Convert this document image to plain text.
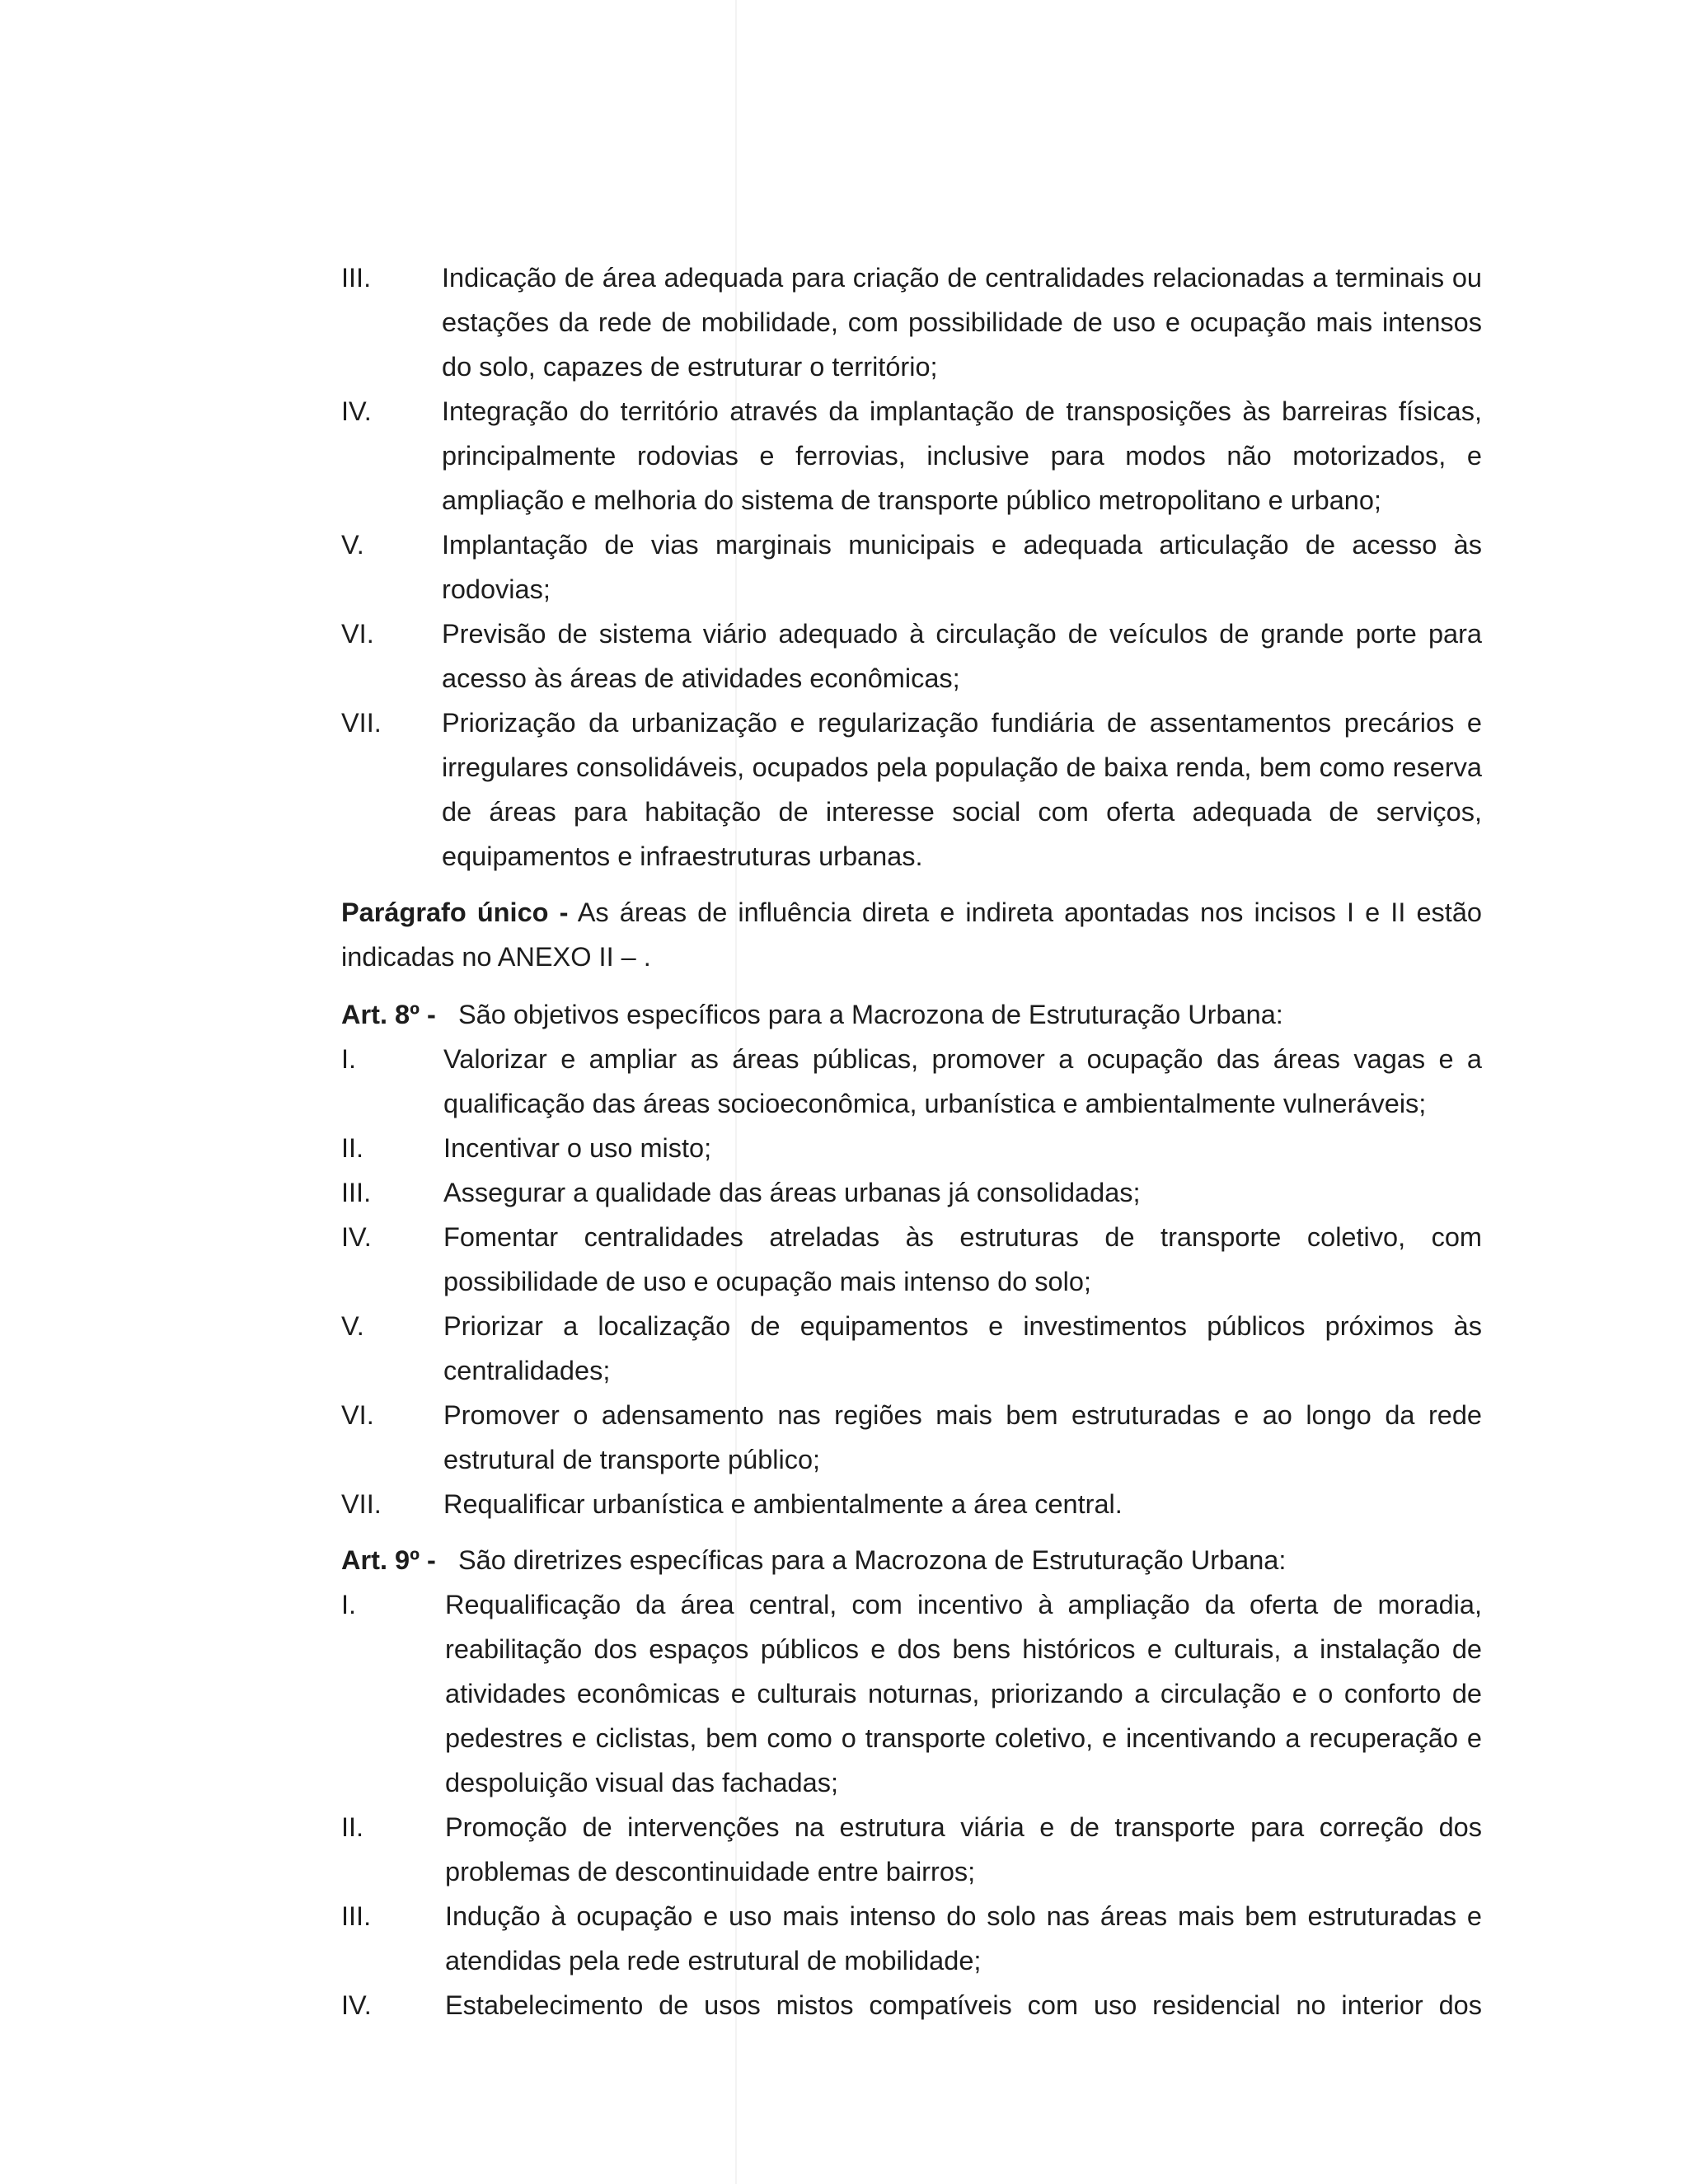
III.	Indicação de área adequada para criação de centralidades relacionadas a terminais ou estações da rede de mobilidade, com possibilidade de uso e ocupação mais intensos do solo, capazes de estruturar o território;

IV.	Integração do território através da implantação de transposições às barreiras físicas, principalmente rodovias e ferrovias, inclusive para modos não motorizados, e ampliação e melhoria do sistema de transporte público metropolitano e urbano;

V.	Implantação de vias marginais municipais e adequada articulação de acesso às rodovias;

VI.	Previsão de sistema viário adequado à circulação de veículos de grande porte para acesso às áreas de atividades econômicas;

VII. Priorização da urbanização e regularização fundiária de assentamentos precários e irregulares consolidáveis, ocupados pela população de baixa renda, bem como reserva de áreas para habitação de interesse social com oferta adequada de serviços, equipamentos e infraestruturas urbanas.

Parágrafo único - As áreas de influência direta e indireta apontadas nos incisos I e II estão indicadas no ANEXO II – .

Art. 8º - São objetivos específicos para a Macrozona de Estruturação Urbana:

I.	Valorizar e ampliar as áreas públicas, promover a ocupação das áreas vagas e a qualificação das áreas socioeconômica, urbanística e ambientalmente vulneráveis;

II.	Incentivar o uso misto;

III.	Assegurar a qualidade das áreas urbanas já consolidadas;

IV.	Fomentar centralidades atreladas às estruturas de transporte coletivo, com possibilidade de uso e ocupação mais intenso do solo;

V.	Priorizar a localização de equipamentos e investimentos públicos próximos às centralidades;

VI.	Promover o adensamento nas regiões mais bem estruturadas e ao longo da rede estrutural de transporte público;

VII. Requalificar urbanística e ambientalmente a área central.

Art. 9º - São diretrizes específicas para a Macrozona de Estruturação Urbana:

I.	Requalificação da área central, com incentivo à ampliação da oferta de moradia, reabilitação dos espaços públicos e dos bens históricos e culturais, a instalação de atividades econômicas e culturais noturnas, priorizando a circulação e o conforto de pedestres e ciclistas, bem como o transporte coletivo, e incentivando a recuperação e despoluição visual das fachadas;

II.	Promoção de intervenções na estrutura viária e de transporte para correção dos problemas de descontinuidade entre bairros;

III.	Indução à ocupação e uso mais intenso do solo nas áreas mais bem estruturadas e atendidas pela rede estrutural de mobilidade;

IV.	Estabelecimento de usos mistos compatíveis com uso residencial no interior dos
